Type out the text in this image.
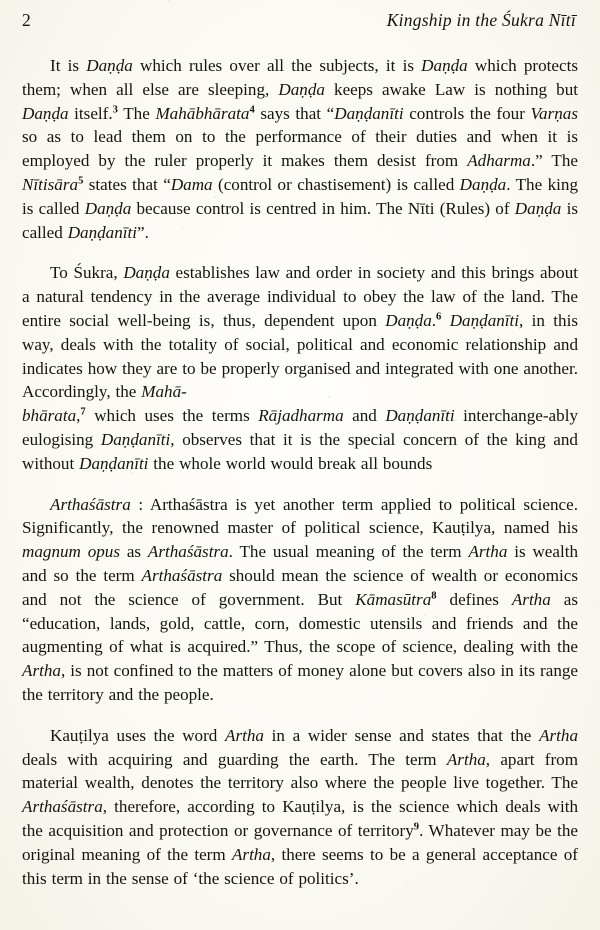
2	Kingship in the Śukra Nītī

It is Daṇḍa which rules over all the subjects, it is Daṇḍa which protects them; when all else are sleeping, Daṇḍa keeps awake Law is nothing but Daṇḍa itself.$^3$ The Mahābhārata$^4$ says that “Daṇḍanīti controls the four Varṇas so as to lead them on to the performance of their duties and when it is employed by the ruler properly it makes them desist from Adharma.” The Nītisāra$^5$ states that “Dama (control or chastisement) is called Daṇḍa. The king is called Daṇḍa because control is centred in him. The Nīti (Rules) of Daṇḍa is called Daṇḍanīti”.

To Śukra, Daṇḍa establishes law and order in society and this brings about a natural tendency in the average individual to obey the law of the land. The entire social well-being is, thus, dependent upon Daṇḍa.$^6$ Daṇḍanīti, in this way, deals with the totality of social, political and economic relationship and indicates how they are to be properly organised and integrated with one another. Accordingly, the Mahā-
bhārata,$^7$ which uses the terms Rājadharma and Daṇḍanīti interchange-ably eulogising Daṇḍanīti, observes that it is the special concern of the king and without Daṇḍanīti the whole world would break all bounds

Arthaśāstra : Arthaśāstra is yet another term applied to political science. Significantly, the renowned master of political science, Kauṭilya, named his magnum opus as Arthaśāstra. The usual meaning of the term Artha is wealth and so the term Arthaśāstra should mean the science of wealth or economics and not the science of government. But Kāmasūtra$^8$ defines Artha as “education, lands, gold, cattle, corn, domestic utensils and friends and the augmenting of what is acquired.” Thus, the scope of science, dealing with the Artha, is not confined to the matters of money alone but covers also in its range the territory and the people.

Kauṭilya uses the word Artha in a wider sense and states that the Artha deals with acquiring and guarding the earth. The term Artha, apart from material wealth, denotes the territory also where the people live together. The Arthaśāstra, therefore, according to Kauṭilya, is the science which deals with the acquisition and protection or governance of territory$^9$. Whatever may be the original meaning of the term Artha, there seems to be a general acceptance of this term in the sense of ‘the science of politics’.
